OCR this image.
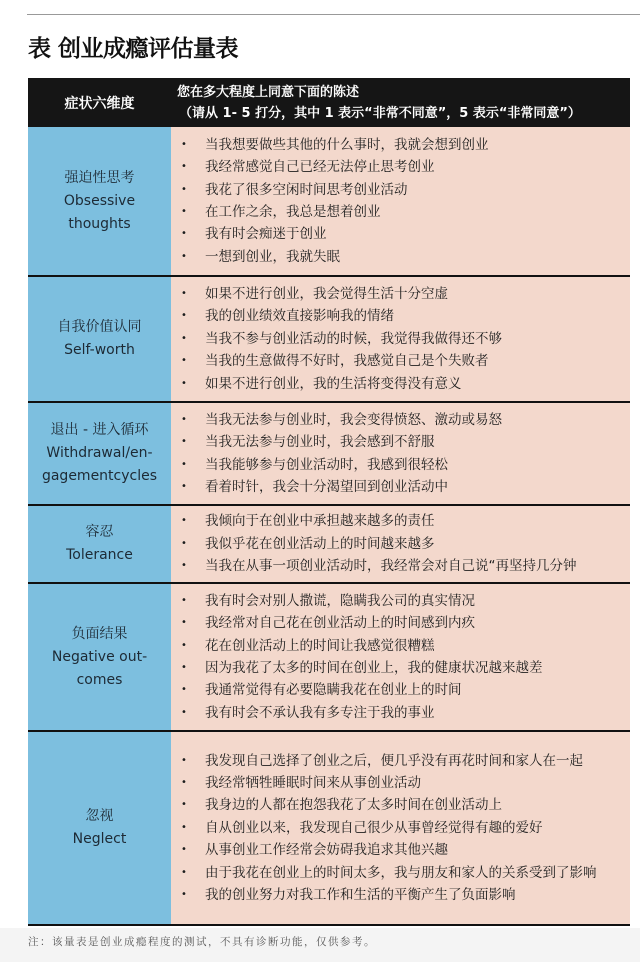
表 创业成瘾评估量表
症状六维度
您在多大程度上同意下面的陈述
（请从 1- 5 打分，其中 1 表示“非常不同意”，5 表示“非常同意”）
强迫性思考
Obsessive
thoughts
•	当我想要做些其他的什么事时，我就会想到创业
•	我经常感觉自己已经无法停止思考创业
•	我花了很多空闲时间思考创业活动
•	在工作之余，我总是想着创业
•	我有时会痴迷于创业
•	一想到创业，我就失眠
自我价值认同
Self-worth
•	如果不进行创业，我会觉得生活十分空虚
•	我的创业绩效直接影响我的情绪
•	当我不参与创业活动的时候，我觉得我做得还不够
•	当我的生意做得不好时，我感觉自己是个失败者
•	如果不进行创业，我的生活将变得没有意义
退出 - 进入循环
Withdrawal/en-
gagementcycles
•	当我无法参与创业时，我会变得愤怒、激动或易怒
•	当我无法参与创业时，我会感到不舒服
•	当我能够参与创业活动时，我感到很轻松
•	看着时针，我会十分渴望回到创业活动中
容忍
Tolerance
•	我倾向于在创业中承担越来越多的责任
•	我似乎花在创业活动上的时间越来越多
•	当我在从事一项创业活动时，我经常会对自己说“再坚持几分钟
负面结果
Negative out-
comes
•	我有时会对别人撒谎，隐瞒我公司的真实情况
•	我经常对自己花在创业活动上的时间感到内疚
•	花在创业活动上的时间让我感觉很糟糕
•	因为我花了太多的时间在创业上，我的健康状况越来越差
•	我通常觉得有必要隐瞒我花在创业上的时间
•	我有时会不承认我有多专注于我的事业
忽视
Neglect
•	我发现自己选择了创业之后，便几乎没有再花时间和家人在一起
•	我经常牺牲睡眠时间来从事创业活动
•	我身边的人都在抱怨我花了太多时间在创业活动上
•	自从创业以来，我发现自己很少从事曾经觉得有趣的爱好
•	从事创业工作经常会妨碍我追求其他兴趣
•	由于我花在创业上的时间太多，我与朋友和家人的关系受到了影响
•	我的创业努力对我工作和生活的平衡产生了负面影响
注：该量表是创业成瘾程度的测试，不具有诊断功能，仅供参考。
